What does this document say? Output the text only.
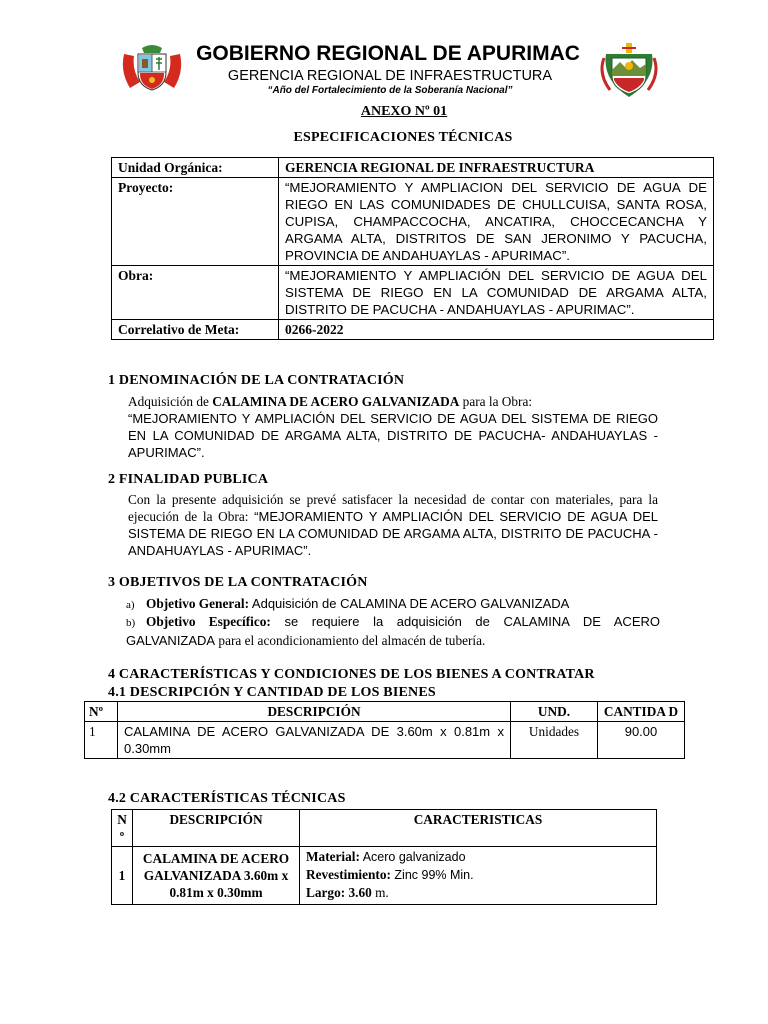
GOBIERNO REGIONAL DE APURIMAC
GERENCIA REGIONAL DE INFRAESTRUCTURA
“Año del Fortalecimiento de la Soberanía Nacional”
ANEXO Nº 01
ESPECIFICACIONES TÉCNICAS
Unidad Orgánica:	GERENCIA REGIONAL DE INFRAESTRUCTURA
Proyecto:	“MEJORAMIENTO Y AMPLIACION DEL SERVICIO DE AGUA DE RIEGO EN LAS COMUNIDADES DE CHULLCUISA, SANTA ROSA, CUPISA, CHAMPACCOCHA, ANCATIRA, CHOCCECANCHA Y ARGAMA ALTA, DISTRITOS DE SAN JERONIMO Y PACUCHA, PROVINCIA DE ANDAHUAYLAS - APURIMAC”.
Obra:	“MEJORAMIENTO Y AMPLIACIÓN DEL SERVICIO DE AGUA DEL SISTEMA DE RIEGO EN LA COMUNIDAD DE ARGAMA ALTA, DISTRITO DE PACUCHA - ANDAHUAYLAS - APURIMAC”.
Correlativo de Meta:	0266-2022
1 DENOMINACIÓN DE LA CONTRATACIÓN
Adquisición de CALAMINA DE ACERO GALVANIZADA para la Obra:
“MEJORAMIENTO Y AMPLIACIÓN DEL SERVICIO DE AGUA DEL SISTEMA DE RIEGO EN LA COMUNIDAD DE ARGAMA ALTA, DISTRITO DE PACUCHA- ANDAHUAYLAS - APURIMAC”.
2 FINALIDAD PUBLICA
Con la presente adquisición se prevé satisfacer la necesidad de contar con materiales, para la ejecución de la Obra: “MEJORAMIENTO Y AMPLIACIÓN DEL SERVICIO DE AGUA DEL SISTEMA DE RIEGO EN LA COMUNIDAD DE ARGAMA ALTA, DISTRITO DE PACUCHA - ANDAHUAYLAS - APURIMAC”.
3 OBJETIVOS DE LA CONTRATACIÓN
a) Objetivo General: Adquisición de CALAMINA DE ACERO GALVANIZADA
b) Objetivo Específico: se requiere la adquisición de CALAMINA DE ACERO GALVANIZADA para el acondicionamiento del almacén de tubería.
4 CARACTERÍSTICAS Y CONDICIONES DE LOS BIENES A CONTRATAR
4.1 DESCRIPCIÓN Y CANTIDAD DE LOS BIENES
Nº	DESCRIPCIÓN	UND.	CANTIDA D
1	CALAMINA DE ACERO GALVANIZADA DE 3.60m x 0.81m x 0.30mm	Unidades	90.00
4.2 CARACTERÍSTICAS TÉCNICAS
N º	DESCRIPCIÓN	CARACTERISTICAS
1	CALAMINA DE ACERO GALVANIZADA 3.60m x 0.81m x 0.30mm	Material: Acero galvanizado
Revestimiento: Zinc 99% Min.
Largo: 3.60 m.
